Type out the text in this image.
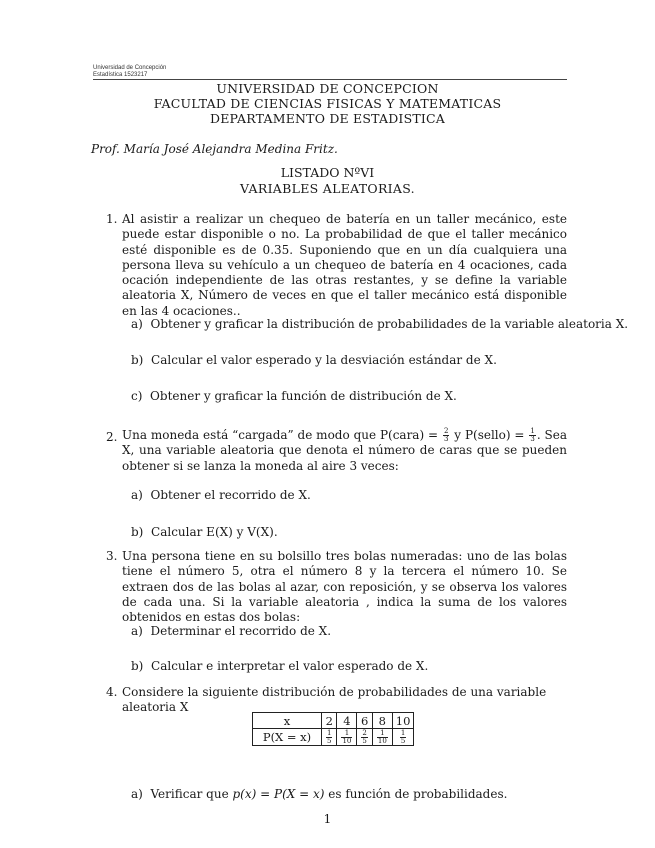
Universidad de Concepción
Estadística 1523217
UNIVERSIDAD DE CONCEPCION
FACULTAD DE CIENCIAS FISICAS Y MATEMATICAS
DEPARTAMENTO DE ESTADISTICA
Prof. María José Alejandra Medina Fritz.
LISTADO NºVI
VARIABLES ALEATORIAS.
1. Al asistir a realizar un chequeo de batería en un taller mecánico, este puede estar disponible o no. La probabilidad de que el taller mecánico esté disponible es de 0.35. Suponiendo que en un día cualquiera una persona lleva su vehículo a un chequeo de batería en 4 ocaciones, cada ocación independiente de las otras restantes, y se define la variable aleatoria X, Número de veces en que el taller mecánico está disponible en las 4 ocaciones..
a) Obtener y graficar la distribución de probabilidades de la variable aleatoria X.
b) Calcular el valor esperado y la desviación estándar de X.
c) Obtener y graficar la función de distribución de X.
2. Una moneda está “cargada” de modo que P(cara) = $\frac{2}{3}$ y P(sello) = $\frac{1}{3}$ . Sea X, una variable aleatoria que denota el número de caras que se pueden obtener si se lanza la moneda al aire 3 veces:
a) Obtener el recorrido de X.
b) Calcular E(X) y V(X).
3. Una persona tiene en su bolsillo tres bolas numeradas: uno de las bolas tiene el número 5, otra el número 8 y la tercera el número 10. Se extraen dos de las bolas al azar, con reposición, y se observa los valores de cada una. Si la variable aleatoria , indica la suma de los valores obtenidos en estas dos bolas:
a) Determinar el recorrido de X.
b) Calcular e interpretar el valor esperado de X.
4. Considere la siguiente distribución de probabilidades de una variable aleatoria X
x	2	4	6	8	10
P(X = x)	$\frac{1}{5}$	$\frac{1}{10}$	$\frac{2}{5}$	$\frac{1}{10}$	$\frac{1}{5}$
a) Verificar que p(x) = P(X = x) es función de probabilidades.
1
